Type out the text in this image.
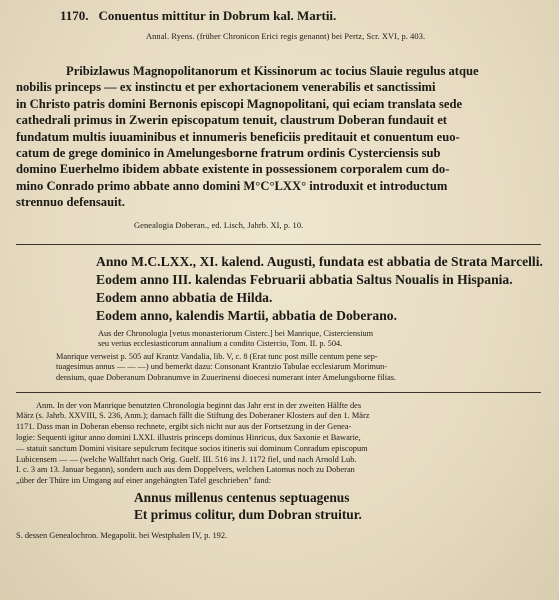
1170. Conuentus mittitur in Dobrum kal. Martii.
Annal. Ryens. (früher Chronicon Erici regis genannt) bei Pertz, Scr. XVI, p. 403.
Pribizlawus Magnopolitanorum et Kissinorum ac tocius Slauie regulus atque
nobilis princeps — ex instinctu et per exhortacionem venerabilis et sanctissimi
in Christo patris domini Bernonis episcopi Magnopolitani, qui eciam translata sede
cathedrali primus in Zwerin episcopatum tenuit, claustrum Doberan fundauit et
fundatum multis iuuaminibus et innumeris beneficiis preditauit et conuentum euo-
catum de grege dominico in Amelungesborne fratrum ordinis Cysterciensis sub
domino Euerhelmo ibidem abbate existente in possessionem corporalem cum do-
mino Conrado primo abbate anno domini M°C°LXX° introduxit et introductum
strennuo defensauit.
Genealogia Doberan., ed. Lisch, Jahrb. XI, p. 10.
Anno M.C.LXX., XI. kalend. Augusti, fundata est abbatia de Strata Marcelli.
Eodem anno III. kalendas Februarii abbatia Saltus Noualis in Hispania.
Eodem anno abbatia de Hilda.
Eodem anno, kalendis Martii, abbatia de Doberano.
Aus der Chronologia [vetus monasteriorum Cisterc.] bei Manrique, Cisterciensium
seu verius ecclesiasticorum annalium a condito Cistercio, Tom. II. p. 504.
Manrique verweist p. 505 auf Krantz Vandalia, lib. V, c. 8 (Erat tunc post mille centum pene sep-
tuagesimus annus — — —) und bemerkt dazu: Consonant Krantzio Tabulae ecclesiarum Morimun-
densium, quae Doberanum Dobranumve in Zuuerinensi dioecesi numerant inter Amelungsborne filias.
Anm. In der von Manrique benutzten Chronologia beginnt das Jahr erst in der zweiten Hälfte des
März (s. Jahrb. XXVIII, S. 236, Anm.); darnach fällt die Stiftung des Doberaner Klosters auf den 1. März
1171. Dass man in Doberan ebenso rechnete, ergibt sich nicht nur aus der Fortsetzung in der Genea-
logie: Sequenti igitur anno domini LXXI. illustris princeps dominus Hinricus, dux Saxonie et Bawarie,
— statuit sanctum Domini visitare sepulcrum fecitque socios itineris sui dominum Conradum episcopum
Lubicensem — — (welche Wallfahrt nach Orig. Guelf. III. 516 ins J. 1172 fiel, und nach Arnold Lub.
I. c. 3 am 13. Januar begann), sondern auch aus dem Doppelvers, welchen Latomus noch zu Doberan
„über der Thüre im Umgang auf einer angehängten Tafel geschrieben" fand:
Annus millenus centenus septuagenus
Et primus colitur, dum Dobran struitur.
S. dessen Genealochron. Megapolit. bei Westphalen IV, p. 192.
